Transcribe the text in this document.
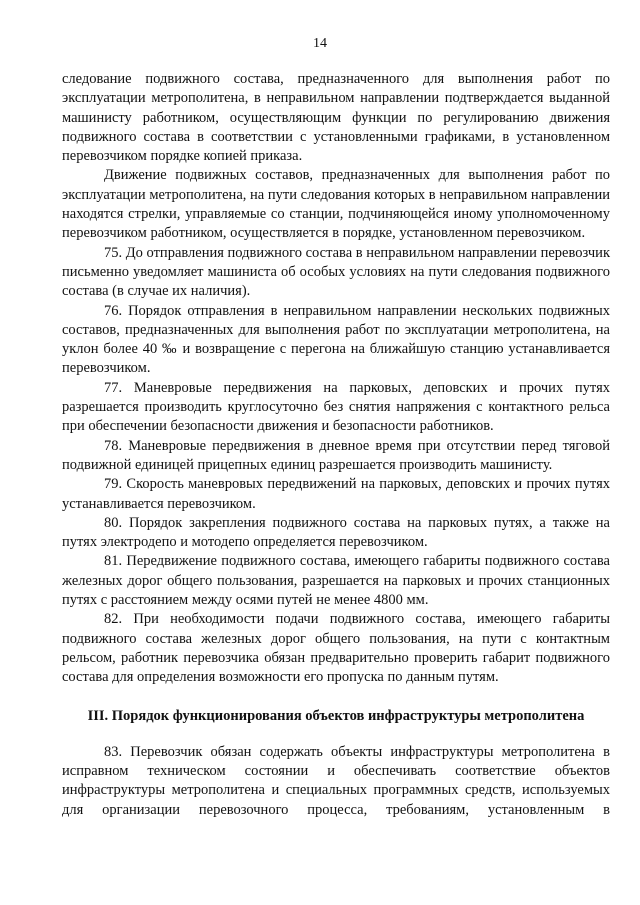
14

следование подвижного состава, предназначенного для выполнения работ по эксплуатации метрополитена, в неправильном направлении подтверждается выданной машинисту работником, осуществляющим функции по регулированию движения подвижного состава в соответствии с установленными графиками, в установленном перевозчиком порядке копией приказа.

Движение подвижных составов, предназначенных для выполнения работ по эксплуатации метрополитена, на пути следования которых в неправильном направлении находятся стрелки, управляемые со станции, подчиняющейся иному уполномоченному перевозчиком работником, осуществляется в порядке, установленном перевозчиком.

75. До отправления подвижного состава в неправильном направлении перевозчик письменно уведомляет машиниста об особых условиях на пути следования подвижного состава (в случае их наличия).

76. Порядок отправления в неправильном направлении нескольких подвижных составов, предназначенных для выполнения работ по эксплуатации метрополитена, на уклон более 40 ‰ и возвращение с перегона на ближайшую станцию устанавливается перевозчиком.

77. Маневровые передвижения на парковых, деповских и прочих путях разрешается производить круглосуточно без снятия напряжения с контактного рельса при обеспечении безопасности движения и безопасности работников.

78. Маневровые передвижения в дневное время при отсутствии перед тяговой подвижной единицей прицепных единиц разрешается производить машинисту.

79. Скорость маневровых передвижений на парковых, деповских и прочих путях устанавливается перевозчиком.

80. Порядок закрепления подвижного состава на парковых путях, а также на путях электродепо и мотодепо определяется перевозчиком.

81. Передвижение подвижного состава, имеющего габариты подвижного состава железных дорог общего пользования, разрешается на парковых и прочих станционных путях с расстоянием между осями путей не менее 4800 мм.

82. При необходимости подачи подвижного состава, имеющего габариты подвижного состава железных дорог общего пользования, на пути с контактным рельсом, работник перевозчика обязан предварительно проверить габарит подвижного состава для определения возможности его пропуска по данным путям.

III. Порядок функционирования объектов инфраструктуры метрополитена

83. Перевозчик обязан содержать объекты инфраструктуры метрополитена в исправном техническом состоянии и обеспечивать соответствие объектов инфраструктуры метрополитена и специальных программных средств, используемых для организации перевозочного процесса, требованиям, установленным в
